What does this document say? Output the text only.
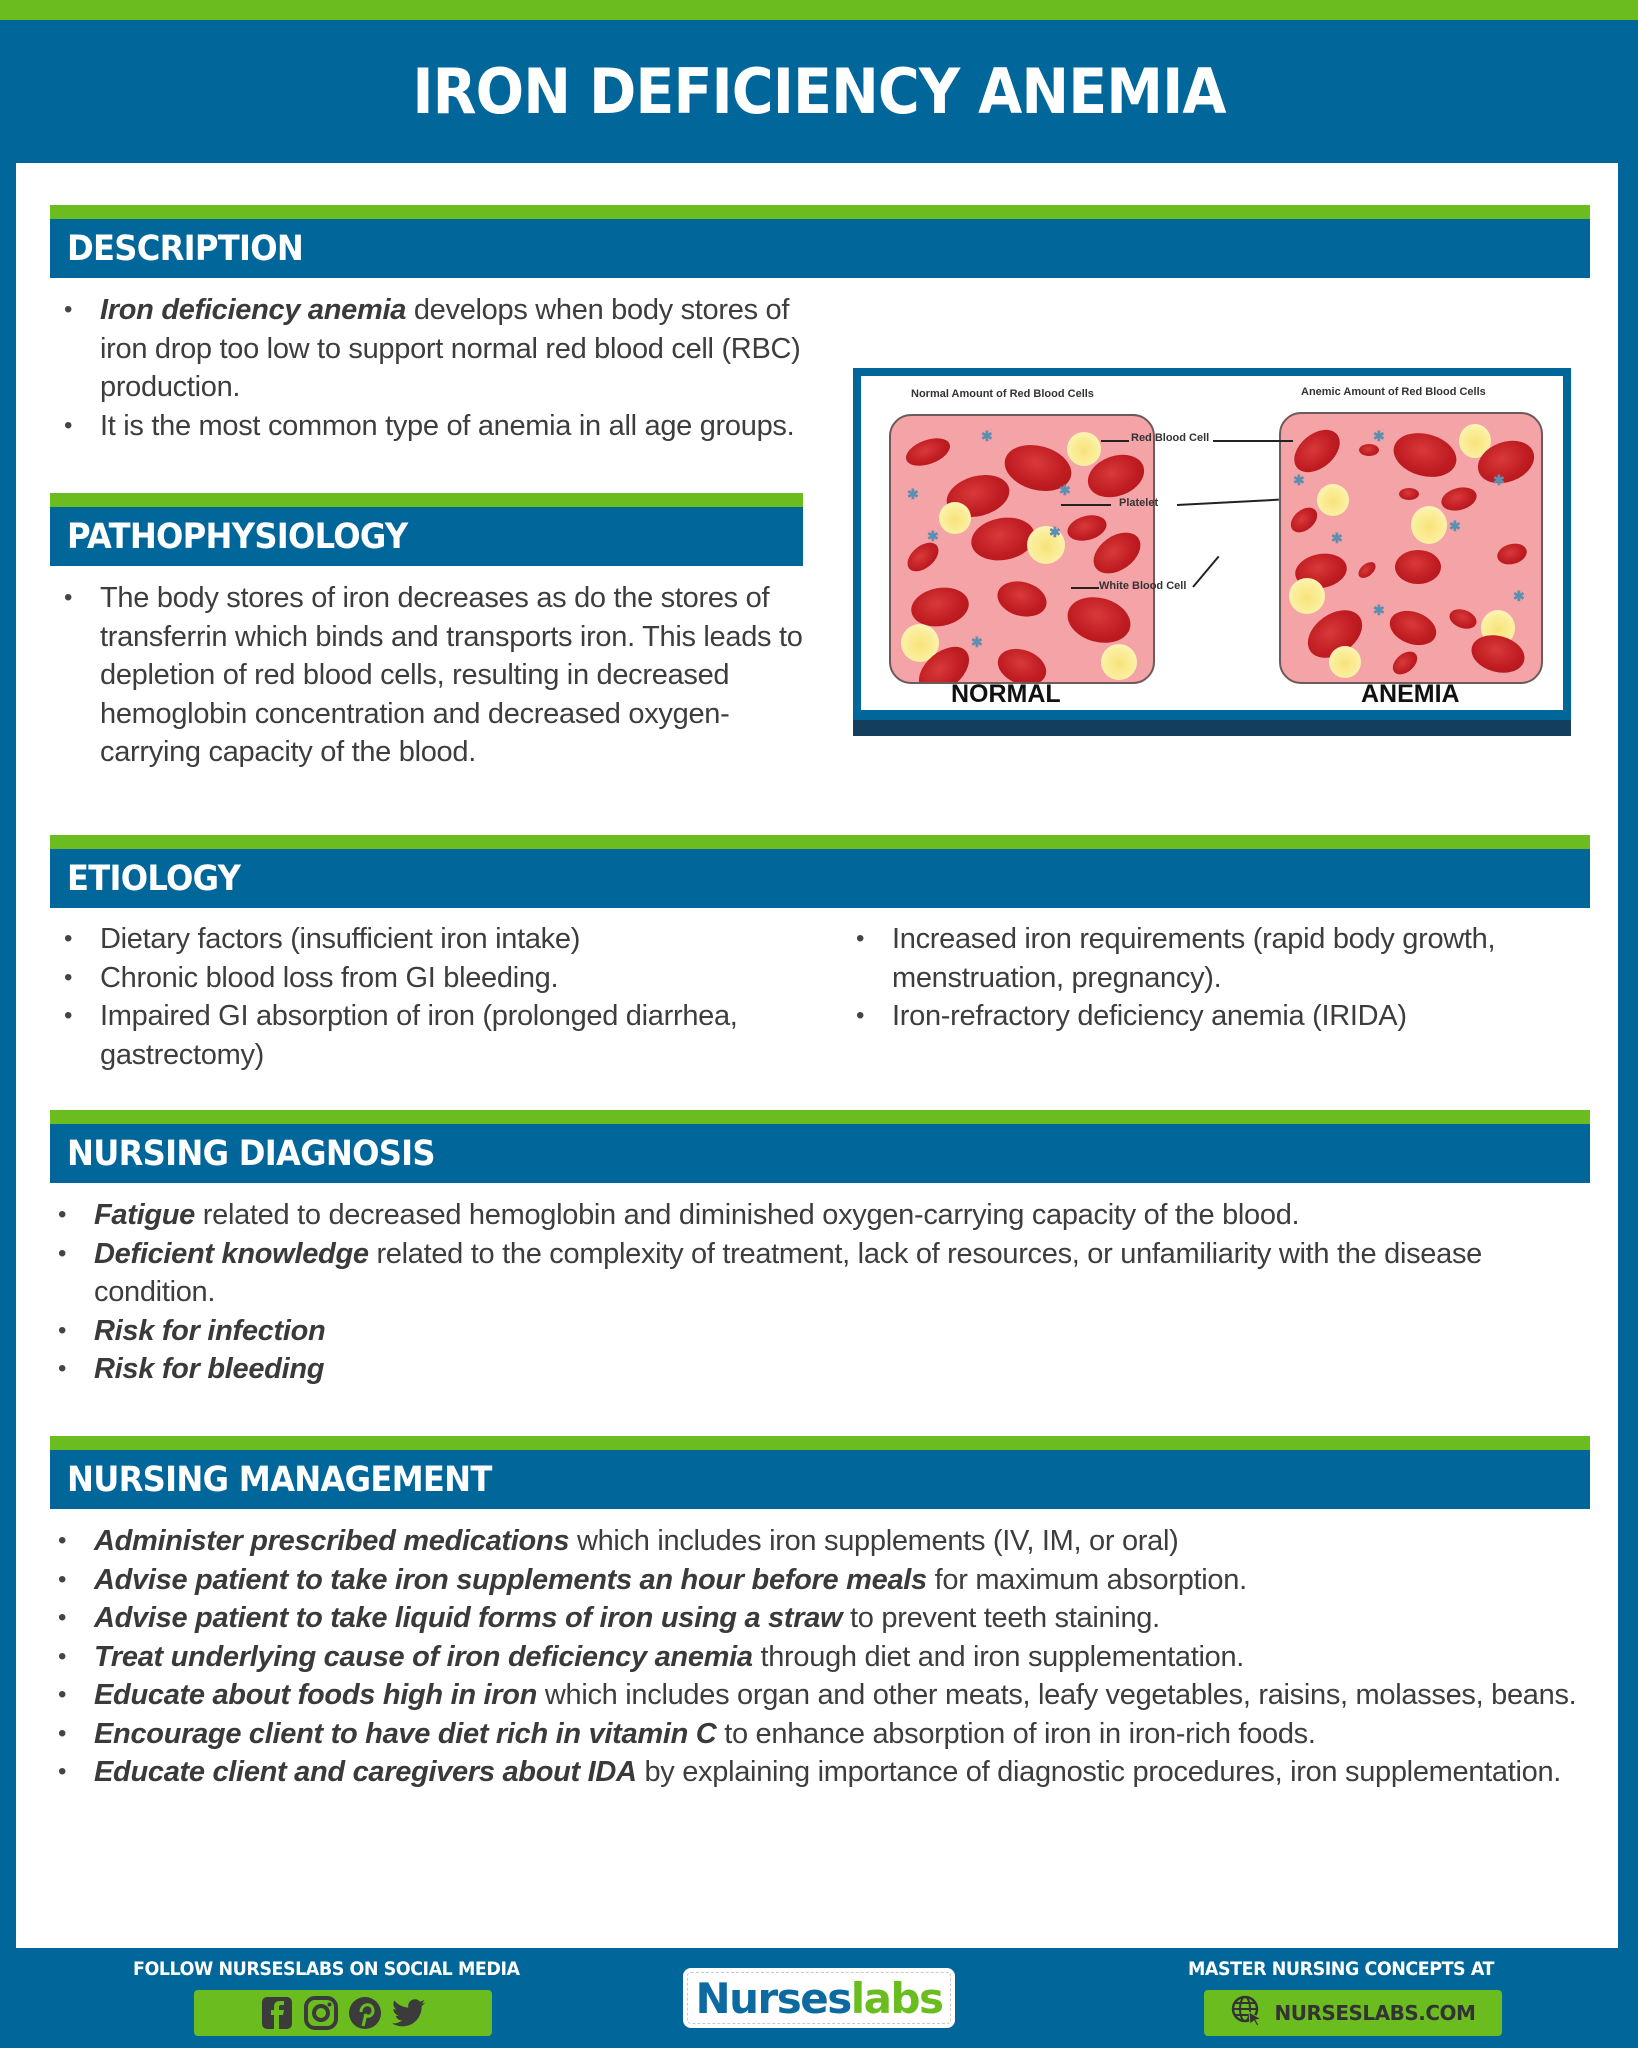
IRON DEFICIENCY ANEMIA
DESCRIPTION
• Iron deficiency anemia develops when body stores of iron drop too low to support normal red blood cell (RBC) production.
• It is the most common type of anemia in all age groups.
PATHOPHYSIOLOGY
• The body stores of iron decreases as do the stores of transferrin which binds and transports iron. This leads to depletion of red blood cells, resulting in decreased hemoglobin concentration and decreased oxygen-carrying capacity of the blood.
ETIOLOGY
• Dietary factors (insufficient iron intake)
• Chronic blood loss from GI bleeding.
• Impaired GI absorption of iron (prolonged diarrhea, gastrectomy)
• Increased iron requirements (rapid body growth, menstruation, pregnancy).
• Iron-refractory deficiency anemia (IRIDA)
NURSING DIAGNOSIS
• Fatigue related to decreased hemoglobin and diminished oxygen-carrying capacity of the blood.
• Deficient knowledge related to the complexity of treatment, lack of resources, or unfamiliarity with the disease condition.
• Risk for infection
• Risk for bleeding
NURSING MANAGEMENT
• Administer prescribed medications which includes iron supplements (IV, IM, or oral)
• Advise patient to take iron supplements an hour before meals for maximum absorption.
• Advise patient to take liquid forms of iron using a straw to prevent teeth staining.
• Treat underlying cause of iron deficiency anemia through diet and iron supplementation.
• Educate about foods high in iron which includes organ and other meats, leafy vegetables, raisins, molasses, beans.
• Encourage client to have diet rich in vitamin C to enhance absorption of iron in iron-rich foods.
• Educate client and caregivers about IDA by explaining importance of diagnostic procedures, iron supplementation.
Normal Amount of Red Blood Cells	Anemic Amount of Red Blood Cells
✱
✱	✱
✱	✱
✱
✱
✱	✱
✱
✱
✱
✱
Red Blood Cell
Platelet
White Blood Cell
NORMAL	ANEMIA
FOLLOW NURSESLABS ON SOCIAL MEDIA
Nurses labs
MASTER NURSING CONCEPTS AT
NURSESLABS.COM
